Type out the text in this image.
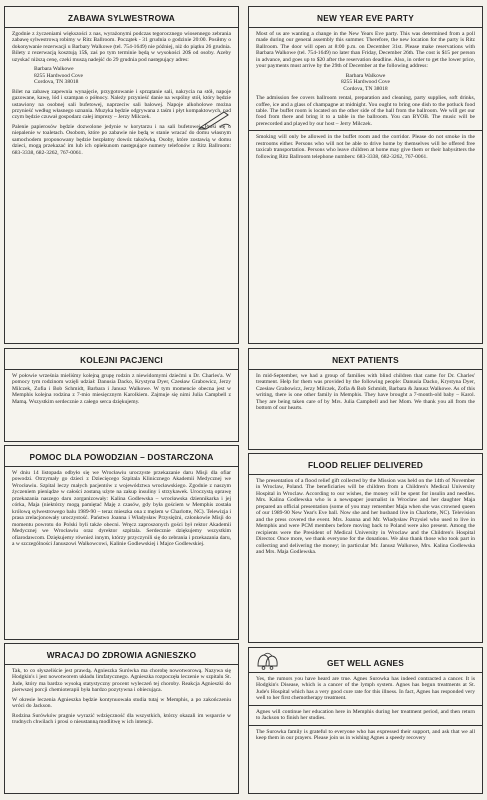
ZABAWA SYLWESTROWA

Zgodnie z życzeniami większości z nas, wyrażonymi podczas tegorocznego wiosennego zebrania zabawę sylwestrową robimy w Ritz Ballroom. Początek - 31 grudnia o godzinie 20:00. Posiłmy o dokonywanie rezerwacji u Barbary Walkowe (tel. 754-1649) nie później, niż do piątku 26 grudnia. Bilety z rezerwacją kosztują 15$, zaś po tym terminie będą w wysokości 20$ od osoby. Azeby uzyskać niższą cenę, czeki muszą nadejść do 29 grudnia pod następujący adres:

Barbara Walkowe
8255 Hardwood Cove
Cordova, TN 38018

Bilet na zabawę zapewnia wynajęcie, przygotowanie i sprzątanie sali, nakrycia na stół, napoje gazowane, kawę, lód i szampan o północy. Należy przynieść danie na wspólny stół, który będzie ustawiony na osobnej sali bufetowej, naprzeciw sali balowej. Napoje alkoholowe można przynieść według własnego uznania. Muzyka będzie odgrywana z taśm i płyt kompaktowych, nad czym będzie czuwał gospodarz całej imprezy – Jerzy Milczek.

Palenie papierosów będzie dozwolone jedynie w korytarzu i na sali bufetowej. Prosi się o niepalenie w toaletach. Osobom, które po zabawie nie będą w stanie wracać do domu własnym samochodem proponowany będzie bezpłatny dowóz taksówką. Osoby, które zostawią w domu dzieci, mogą przekazać im lub ich opiekunom następujące numery telefonów z Ritz Ballroom: 683-3338, 682-3262, 767-0061.

KOLEJNI PACJENCI

W połowie września mieliśmy kolejną grupę rodzin z niewidomymi dziećmi u Dr. Charles'a. W pomocy tym rodzinom wzięli udział: Danusia Dacko, Krystyna Dyer, Czesław Grabowicz, Jerzy Milczek, Zofia i Bob Schmidt, Barbara i Janusz Walkowe. W tym momencie obecna jest w Memphis kolejna rodzina z 7-mio miesięcznym Karolkiem. Zajmuje się nimi Julia Campbell z Mamą. Wszystkim serdecznie z całego serca dziękujemy.

POMOC DLA POWODZIAN – DOSTARCZONA

W dniu 14 listopada odbyło się we Wrocławiu uroczyste przekazanie daru Misji dla ofiar powodzi. Otrzymały go dzieci z Dziecięcego Szpitala Klinicznego Akademii Medycznej we Wrocławiu. Szpital leczy małych pacjentów z województwa wrocławskiego. Zgodnie z naszym życzeniem pieniądze w całości zostaną użyte na zakup insuliny i strzykawek. Uroczystą oprawę przekazania naszego daru zorganizowały: Kalina Godlewska – wrocławska dziennikarka i jej córka, Maja (niektórzy mogą pamiętać Maję z czasów, gdy była gościem w Memphis została królową sylwestrowego balu 1989-90 – teraz mieszka ona z mężem w Charlotte, NC). Telewizja i prasa zrelacjonowały uroczystość. Państwo Joanna i Władysław Przysiężni, członkowie Misji do momentu powrotu do Polski byli także obecni. Wręcz zaproszonych gości był rektor Akademii Medycznej we Wrocławiu oraz dyrektor szpitala. Serdecznie dziękujemy wszystkim ofiarodawcom. Dziękujemy również innym, którzy przyczynili się do zebrania i przekazania daru, a w szczególności Januszowi Walkowcowi, Kalinie Godlewskiej i Majce Godlewskiej.

WRACAJ DO ZDROWIA AGNIESZKO

Tak, to co słyszeliście jest prawdą. Agnieszka Surówka ma chorobę nowotworową. Nazywa się Hodgkin's i jest nowotworem układu limfatycznego. Agnieszka rozpoczęła leczenie w szpitalu St. Jude, który ma bardzo wysoką statystyczny procent wyleczeń tej choroby. Reakcja Agnieszki do pierwszej porcji chemioterapii była bardzo pozytywna i obiecująca.

W okresie leczenia Agnieszka będzie kontynuowała studia tutaj w Memphis, a po zakończeniu wróci do Jackson.

Rodzina Surówków pragnie wyrazić wdzięczność dla wszystkich, którzy okazali im wsparcie w trudnych chwilach i prosi o nieustanną modlitwę w ich intencji.

NEW YEAR EVE PARTY

Most of us are wanting a change in the New Years Eve party. This was determined from a poll made during our general assembly this summer. Therefore, the new location for the party is Ritz Ballroom. The door will open at 8:00 p.m. on December 31st. Please make reservations with Barbara Walkowe (tel. 754-1649) no later than Friday, December 26th. The cost is $15 per person in advance, and goes up to $20 after the reservation deadline. Also, in order to get the lower price, your payments must arrive by the 29th of December at the following address:

Barbara Walkowe
8255 Hardwood Cove
Cordova, TN 38018

The admission fee covers ballroom rental, preparation and cleaning, party supplies, soft drinks, coffee, ice and a glass of champagne at midnight. You ought to bring one dish to the potluck food table. The buffet room is located on the other side of the hall from the ballroom. We will get our food from there and bring it to a table in the ballroom. You can BYOB. The music will be prerecorded and played by our host – Jerry Milczek.

Smoking will only be allowed in the buffet room and the corridor. Please do not smoke in the restrooms either. Persons who will not be able to drive home by themselves will be offered free taxicab transportation. Persons who leave children at home may give them or their babysitters the following Ritz Ballroom telephone numbers: 683-3338, 682-3262, 767-0061.

NEXT PATIENTS

In mid-September, we had a group of families with blind children that came for Dr. Charles' treatment. Help for them was provided by the following people: Danusia Dacko, Krystyna Dyer, Czesław Grabowicz, Jerzy Milczek, Zofia & Bob Schmidt, Barbara & Janusz Walkowe. As of this writing, there is one other family in Memphis. They have brought a 7-month-old baby – Karol. They are being taken care of by Mrs. Julia Campbell and her Mom. We thank you all from the bottom of our hearts.

FLOOD RELIEF DELIVERED

The presentation of a flood relief gift collected by the Mission was held on the 14th of November in Wroclaw, Poland. The beneficiaries will be children from a Children's Medical University Hospital in Wroclaw. According to our wishes, the money will be spent for insulin and needles. Mrs. Kalina Godlewska who is a newspaper journalist in Wroclaw and her daughter Maja prepared an official presentation (some of you may remember Maja when she was crowned queen of our 1989-90 New Year's Eve ball. Now she and her husband live in Charlotte, NC). Television and the press covered the event. Mrs. Joanna and Mr. Władysław Przysiel who used to live in Memphis and were PCM members before moving back to Poland were also present. Among the recipients were the President of Medical University in Wroclaw and the Children's Hospital Director. Once more, we thank everyone for the donations. We also thank those who took part in collecting and delivering the money; in particular Mr. Janusz Walkowe, Mrs. Kalina Godlewska and Mrs. Maja Godlewska.

GET WELL AGNES

Yes, the rumors you have heard are true. Agnes Surowka has indeed contracted a cancer. It is Hodgkin's Disease, which is a cancer of the lymph system. Agnes has begun treatments at St. Jude's Hospital which has a very good cure rate for this illness. In fact, Agnes has responded very well to her first chemotherapy treatment.

Agnes will continue her education here in Memphis during her treatment period, and then return to Jackson to finish her studies.

The Surowka family is grateful to everyone who has expressed their support, and ask that we all keep them in our prayers. Please join us in wishing Agnes a speedy recovery
